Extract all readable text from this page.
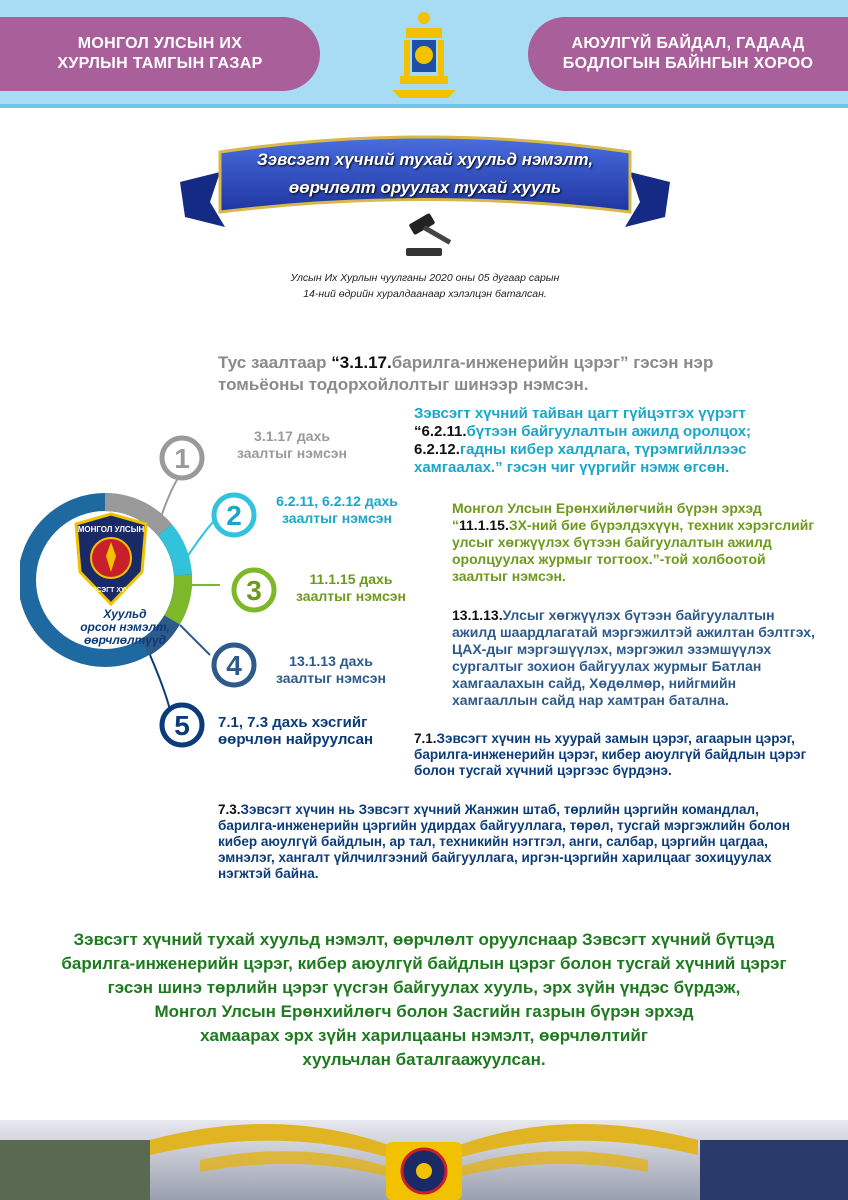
МОНГОЛ УЛСЫН ИХ
ХУРЛЫН ТАМГЫН ГАЗАР
АЮУЛГҮЙ БАЙДАЛ, ГАДААД
БОДЛОГЫН БАЙНГЫН ХОРОО
Зэвсэгт хүчний тухай хуульд нэмэлт,
өөрчлөлт оруулах тухай хууль
Улсын Их Хурлын чуулганы 2020 оны 05 дугаар сарын
14-ний өдрийн хуралдаанаар хэлэлцэн баталсан.
Тус заалтаар “3.1.17.барилга-инженерийн цэрэг” гэсэн нэр томьёоны тодорхойлолтыг шинээр нэмсэн.
1
2
3
4
5
МОНГОЛ УЛСЫН
ЗЭВСЭГТ ХҮЧИН
Хуульд
орсон нэмэлт,
өөрчлөлтүүд
3.1.17 дахь
заалтыг нэмсэн
6.2.11, 6.2.12 дахь
заалтыг нэмсэн
11.1.15 дахь
заалтыг нэмсэн
13.1.13 дахь
заалтыг нэмсэн
7.1, 7.3 дахь хэсгийг
өөрчлөн найруулсан
Зэвсэгт хүчний тайван цагт гүйцэтгэх үүрэгт “6.2.11.бүтээн байгуулалтын ажилд оролцох; 6.2.12.гадны кибер халдлага, түрэмгийллээс хамгаалах.” гэсэн чиг үүргийг нэмж өгсөн.
Монгол Улсын Ерөнхийлөгчийн бүрэн эрхэд “11.1.15.ЗХ-ний бие бүрэлдэхүүн, техник хэрэгслийг улсыг хөгжүүлэх бүтээн байгуулалтын ажилд оролцуулах журмыг тогтоох.”-той холбоотой заалтыг нэмсэн.
13.1.13.Улсыг хөгжүүлэх бүтээн байгуулалтын ажилд шаардлагатай мэргэжилтэй ажилтан бэлтгэх, ЦАХ-дыг мэргэшүүлэх, мэргэжил эзэмшүүлэх сургалтыг зохион байгуулах журмыг Батлан хамгаалахын сайд, Хөдөлмөр, нийгмийн хамгааллын сайд нар хамтран батална.
7.1.Зэвсэгт хүчин нь хуурай замын цэрэг, агаарын цэрэг, барилга-инженерийн цэрэг, кибер аюулгүй байдлын цэрэг болон тусгай хүчний цэргээс бүрдэнэ.
7.3.Зэвсэгт хүчин нь Зэвсэгт хүчний Жанжин штаб, төрлийн цэргийн командлал, барилга-инженерийн цэргийн удирдах байгууллага, төрөл, тусгай мэргэжлийн болон кибер аюулгүй байдлын, ар тал, техникийн нэгтгэл, анги, салбар, цэргийн цагдаа, эмнэлэг, хангалт үйлчилгээний байгууллага, иргэн-цэргийн харилцааг зохицуулах нэгжтэй байна.
Зэвсэгт хүчний тухай хуульд нэмэлт, өөрчлөлт оруулснаар Зэвсэгт хүчний бүтцэд
барилга-инженерийн цэрэг, кибер аюулгүй байдлын цэрэг болон тусгай хүчний цэрэг
гэсэн шинэ төрлийн цэрэг үүсгэн байгуулах хууль, эрх зүйн үндэс бүрдэж,
Монгол Улсын Ерөнхийлөгч болон Засгийн газрын бүрэн эрхэд
хамаарах эрх зүйн харилцааны нэмэлт, өөрчлөлтийг
хуульчлан баталгаажуулсан.
